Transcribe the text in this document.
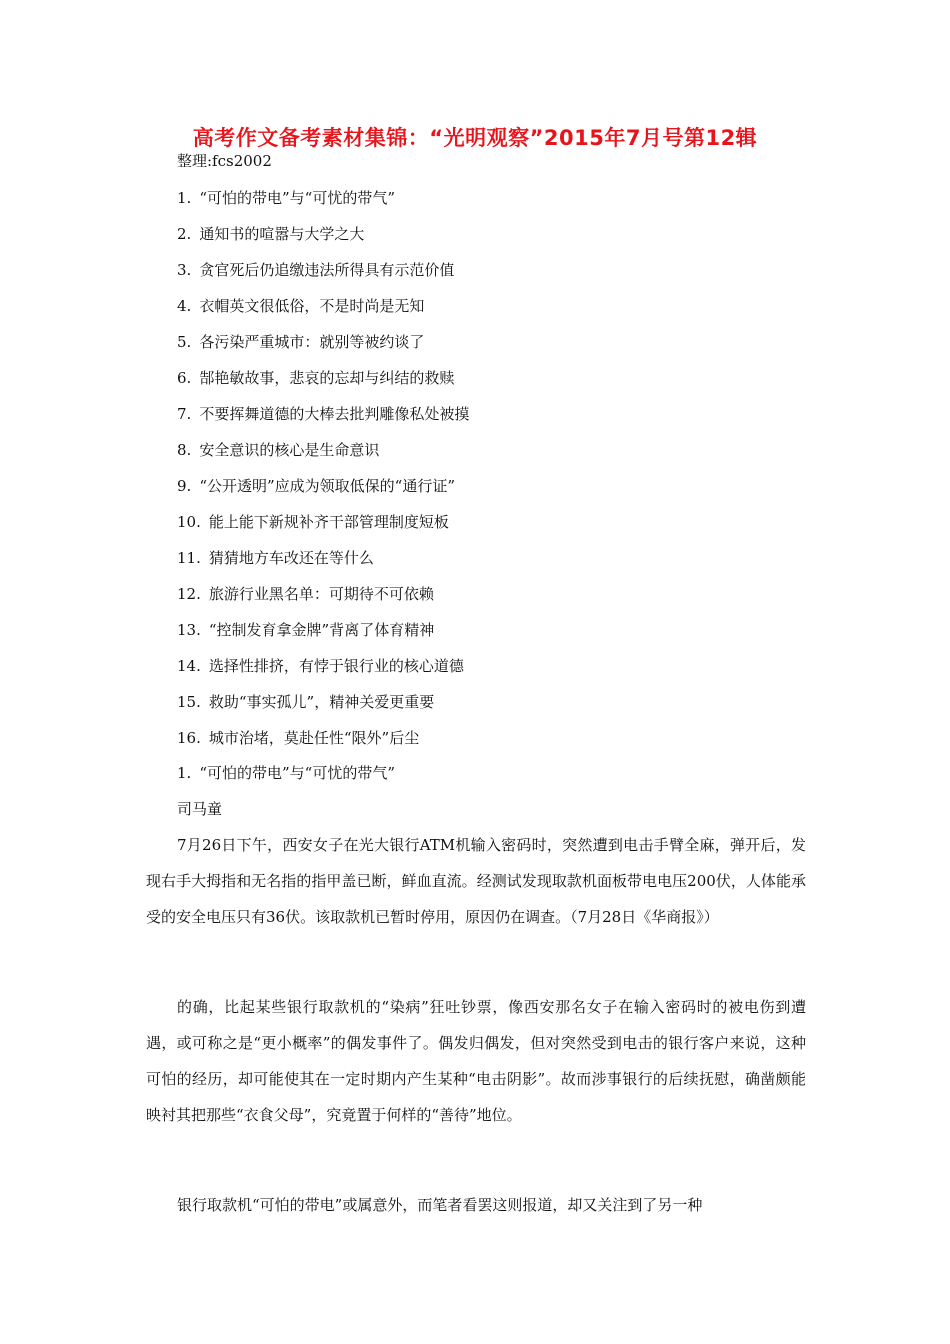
高考作文备考素材集锦：“光明观察”2015年7月号第12辑
整理:fcs2002
1. “可怕的带电”与“可忧的带气”
2. 通知书的喧嚣与大学之大
3. 贪官死后仍追缴违法所得具有示范价值
4. 衣帽英文很低俗，不是时尚是无知
5. 各污染严重城市：就别等被约谈了
6. 郜艳敏故事，悲哀的忘却与纠结的救赎
7. 不要挥舞道德的大棒去批判雕像私处被摸
8. 安全意识的核心是生命意识
9. “公开透明”应成为领取低保的“通行证”
10. 能上能下新规补齐干部管理制度短板
11. 猜猜地方车改还在等什么
12. 旅游行业黑名单：可期待不可依赖
13. “控制发育拿金牌”背离了体育精神
14. 选择性排挤，有悖于银行业的核心道德
15. 救助“事实孤儿”，精神关爱更重要
16. 城市治堵，莫赴任性“限外”后尘
1. “可怕的带电”与“可忧的带气”
司马童

7月26日下午，西安女子在光大银行ATM机输入密码时，突然遭到电击手臂全麻，弹开后，发现右手大拇指和无名指的指甲盖已断，鲜血直流。经测试发现取款机面板带电电压200伏，人体能承受的安全电压只有36伏。该取款机已暂时停用，原因仍在调查。（7月28日《华商报》）

的确，比起某些银行取款机的“染病”狂吐钞票，像西安那名女子在输入密码时的被电伤到遭遇，或可称之是“更小概率”的偶发事件了。偶发归偶发，但对突然受到电击的银行客户来说，这种可怕的经历，却可能使其在一定时期内产生某种“电击阴影”。故而涉事银行的后续抚慰，确凿颇能映衬其把那些“衣食父母”，究竟置于何样的“善待”地位。

银行取款机“可怕的带电”或属意外，而笔者看罢这则报道，却又关注到了另一种
